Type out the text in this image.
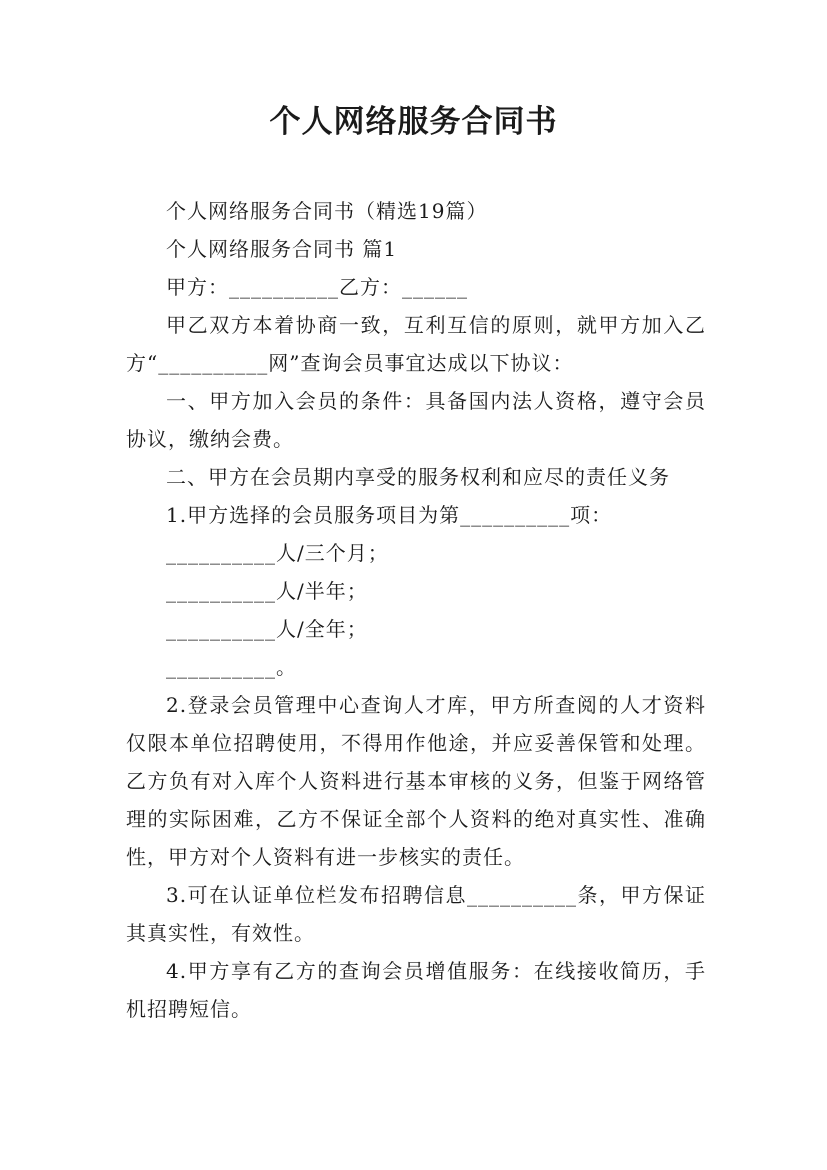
个人网络服务合同书

个人网络服务合同书（精选19篇）

个人网络服务合同书 篇1

甲方：__________乙方：______

甲乙双方本着协商一致，互利互信的原则，就甲方加入乙方“__________网”查询会员事宜达成以下协议：

一、甲方加入会员的条件：具备国内法人资格，遵守会员协议，缴纳会费。

二、甲方在会员期内享受的服务权利和应尽的责任义务

1.甲方选择的会员服务项目为第__________项：

__________人/三个月；

__________人/半年；

__________人/全年；

__________。

2.登录会员管理中心查询人才库，甲方所查阅的人才资料仅限本单位招聘使用，不得用作他途，并应妥善保管和处理。乙方负有对入库个人资料进行基本审核的义务，但鉴于网络管理的实际困难，乙方不保证全部个人资料的绝对真实性、准确性，甲方对个人资料有进一步核实的责任。

3.可在认证单位栏发布招聘信息__________条，甲方保证其真实性，有效性。

4.甲方享有乙方的查询会员增值服务：在线接收简历，手机招聘短信。
